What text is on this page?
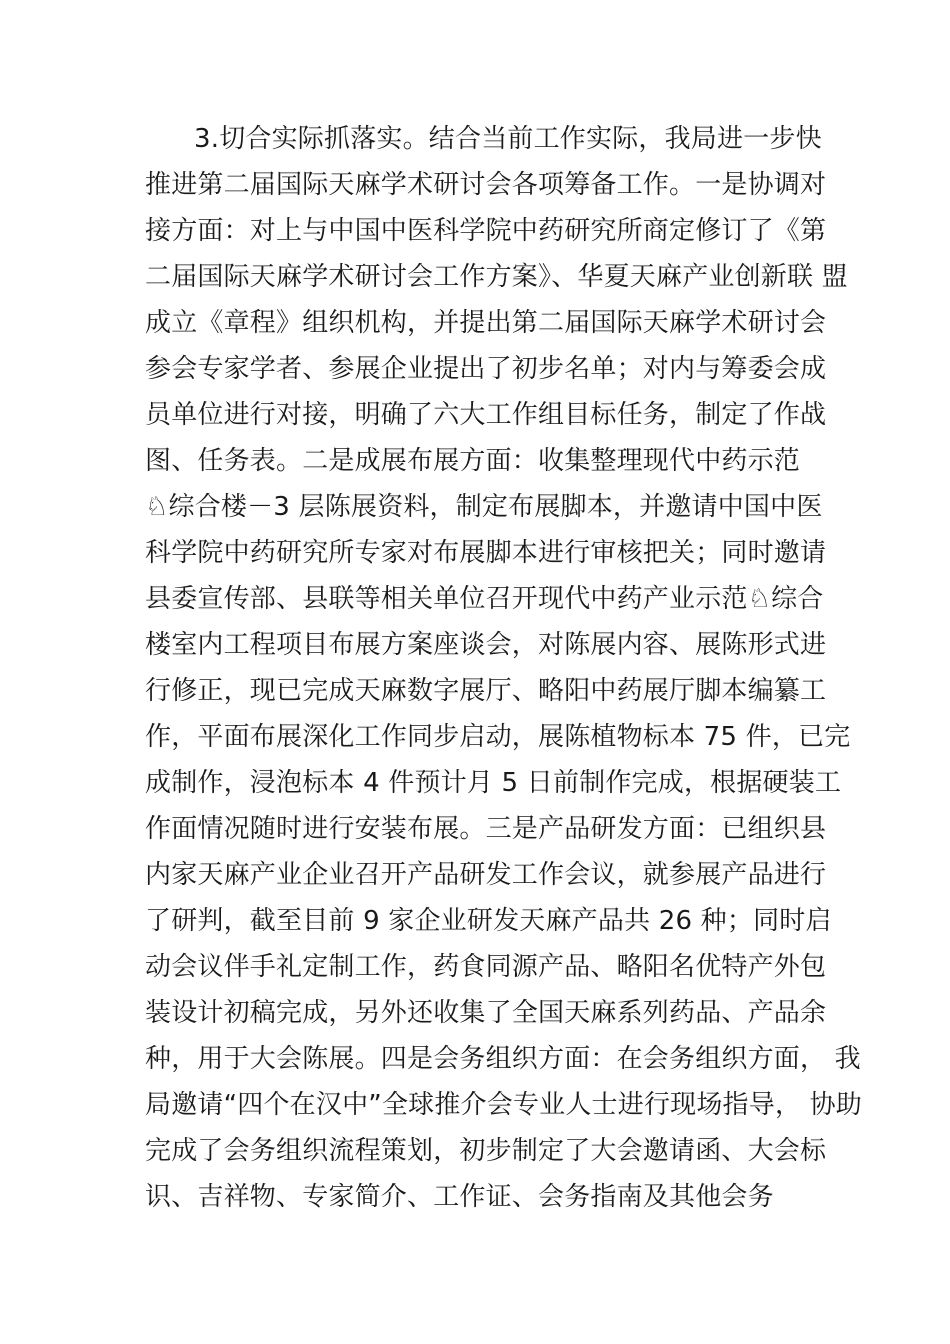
3.切合实际抓落实。结合当前工作实际，我局进一步快
推进第二届国际天麻学术研讨会各项筹备工作。一是协调对
接方面：对上与中国中医科学院中药研究所商定修订了《第
二届国际天麻学术研讨会工作方案》、华夏天麻产业创新联 盟
成立《章程》组织机构，并提出第二届国际天麻学术研讨会
参会专家学者、参展企业提出了初步名单；对内与筹委会成
员单位进行对接，明确了六大工作组目标任务，制定了作战
图、任务表。二是成展布展方面：收集整理现代中药示范
♘综合楼－3 层陈展资料，制定布展脚本，并邀请中国中医
科学院中药研究所专家对布展脚本进行审核把关；同时邀请
县委宣传部、县联等相关单位召开现代中药产业示范♘综合
楼室内工程项目布展方案座谈会，对陈展内容、展陈形式进
行修正，现已完成天麻数字展厅、略阳中药展厅脚本编纂工
作，平面布展深化工作同步启动，展陈植物标本 75 件，已完
成制作，浸泡标本 4 件预计月 5 日前制作完成，根据硬装工
作面情况随时进行安装布展。三是产品研发方面：已组织县
内家天麻产业企业召开产品研发工作会议，就参展产品进行
了研判，截至目前 9 家企业研发天麻产品共 26 种；同时启
动会议伴手礼定制工作，药食同源产品、略阳名优特产外包
装设计初稿完成，另外还收集了全国天麻系列药品、产品余
种，用于大会陈展。四是会务组织方面：在会务组织方面， 我
局邀请“四个在汉中”全球推介会专业人士进行现场指导， 协助
完成了会务组织流程策划，初步制定了大会邀请函、大会标
识、吉祥物、专家简介、工作证、会务指南及其他会务
